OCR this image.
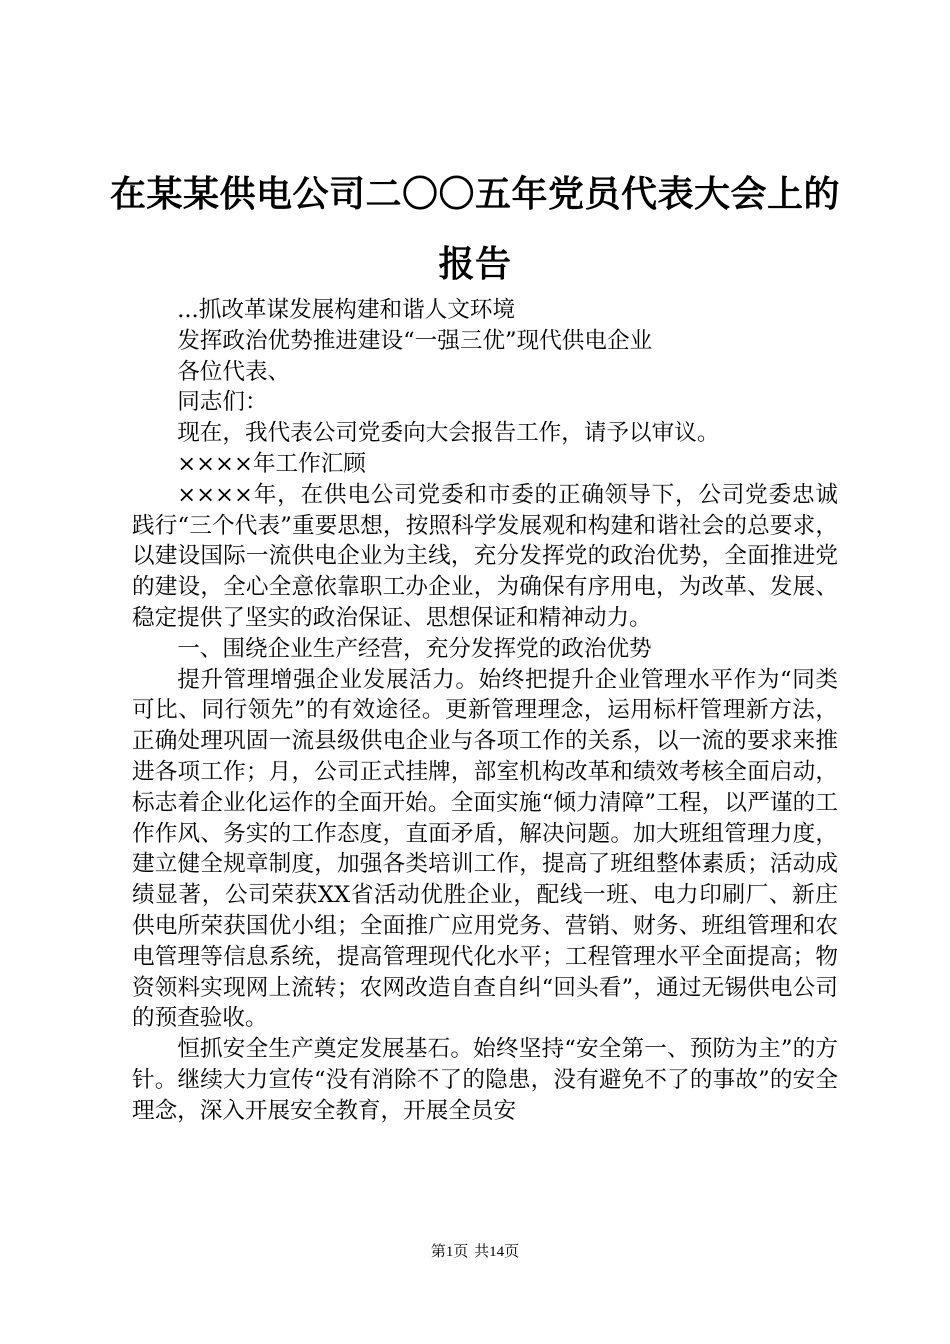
在某某供电公司二〇〇五年党员代表大会上的报告

...抓改革谋发展构建和谐人文环境

发挥政治优势推进建设“一强三优”现代供电企业

各位代表、

同志们：

现在，我代表公司党委向大会报告工作，请予以审议。

××××年工作汇顾

××××年，在供电公司党委和市委的正确领导下，公司党委忠诚践行“三个代表”重要思想，按照科学发展观和构建和谐社会的总要求，以建设国际一流供电企业为主线，充分发挥党的政治优势，全面推进党的建设，全心全意依靠职工办企业，为确保有序用电，为改革、发展、稳定提供了坚实的政治保证、思想保证和精神动力。

一、围绕企业生产经营，充分发挥党的政治优势

提升管理增强企业发展活力。始终把提升企业管理水平作为“同类可比、同行领先”的有效途径。更新管理理念，运用标杆管理新方法，正确处理巩固一流县级供电企业与各项工作的关系，以一流的要求来推进各项工作；月，公司正式挂牌，部室机构改革和绩效考核全面启动，标志着企业化运作的全面开始。全面实施“倾力清障”工程，以严谨的工作作风、务实的工作态度，直面矛盾，解决问题。加大班组管理力度，建立健全规章制度，加强各类培训工作，提高了班组整体素质；活动成绩显著，公司荣获XX省活动优胜企业，配线一班、电力印刷厂、新庄供电所荣获国优小组；全面推广应用党务、营销、财务、班组管理和农电管理等信息系统，提高管理现代化水平；工程管理水平全面提高；物资领料实现网上流转；农网改造自查自纠“回头看”，通过无锡供电公司的预查验收。

恒抓安全生产奠定发展基石。始终坚持“安全第一、预防为主”的方针。继续大力宣传“没有消除不了的隐患，没有避免不了的事故”的安全理念，深入开展安全教育，开展全员安

第1页 共14页
